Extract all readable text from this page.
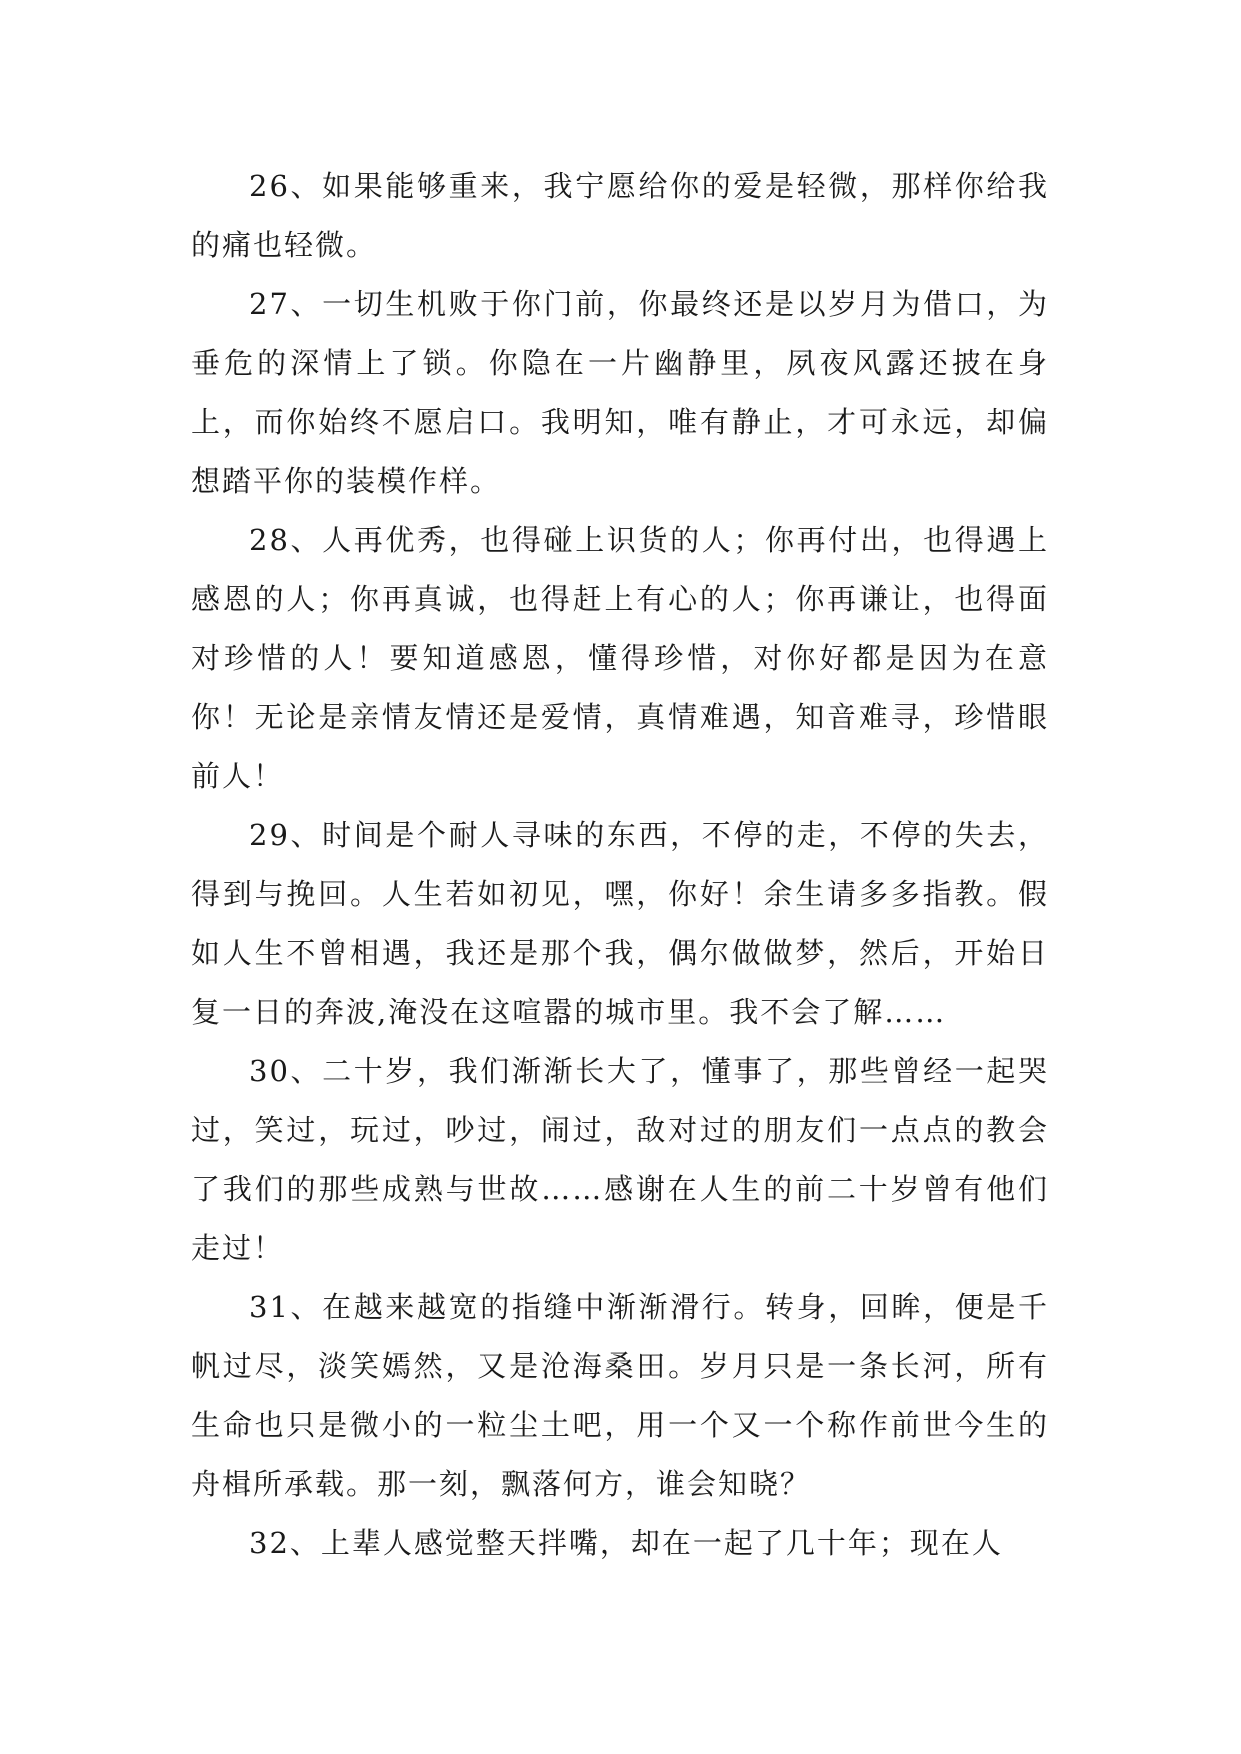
26、如果能够重来，我宁愿给你的爱是轻微，那样你给我的痛也轻微。

27、一切生机败于你门前，你最终还是以岁月为借口，为垂危的深情上了锁。你隐在一片幽静里，夙夜风露还披在身上，而你始终不愿启口。我明知，唯有静止，才可永远，却偏想踏平你的装模作样。

28、人再优秀，也得碰上识货的人；你再付出，也得遇上感恩的人；你再真诚，也得赶上有心的人；你再谦让，也得面对珍惜的人！要知道感恩，懂得珍惜，对你好都是因为在意你！无论是亲情友情还是爱情，真情难遇，知音难寻，珍惜眼前人！

29、时间是个耐人寻味的东西，不停的走，不停的失去，得到与挽回。人生若如初见，嘿，你好！余生请多多指教。假如人生不曾相遇，我还是那个我，偶尔做做梦，然后，开始日复一日的奔波,淹没在这喧嚣的城市里。我不会了解……

30、二十岁，我们渐渐长大了，懂事了，那些曾经一起哭过，笑过，玩过，吵过，闹过，敌对过的朋友们一点点的教会了我们的那些成熟与世故……感谢在人生的前二十岁曾有他们走过！

31、在越来越宽的指缝中渐渐滑行。转身，回眸，便是千帆过尽，淡笑嫣然，又是沧海桑田。岁月只是一条长河，所有生命也只是微小的一粒尘土吧，用一个又一个称作前世今生的舟楫所承载。那一刻，飘落何方，谁会知晓？

32、上辈人感觉整天拌嘴，却在一起了几十年；现在人
